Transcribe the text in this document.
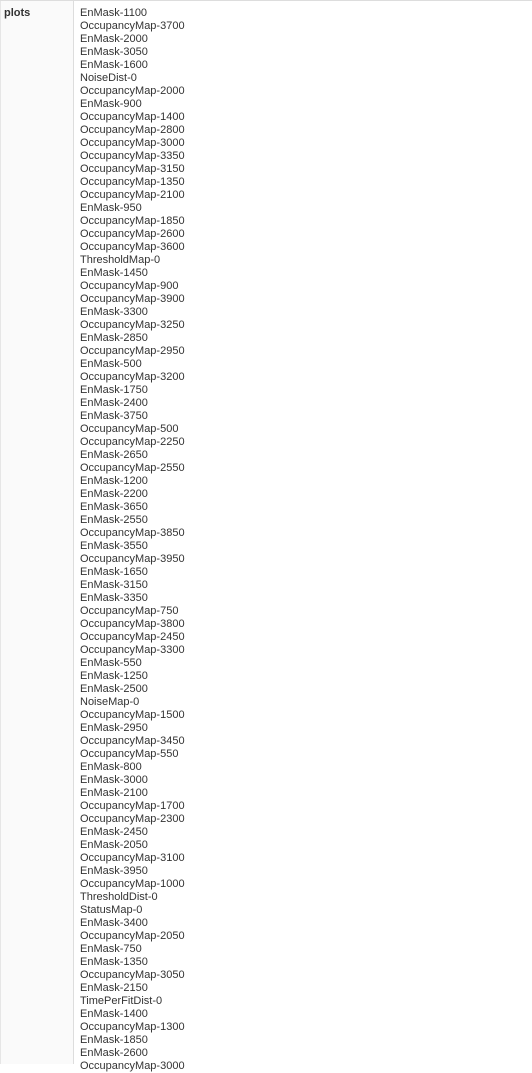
plots	EnMask-1100
OccupancyMap-3700
EnMask-2000
EnMask-3050
EnMask-1600
NoiseDist-0
OccupancyMap-2000
EnMask-900
OccupancyMap-1400
OccupancyMap-2800
OccupancyMap-3000
OccupancyMap-3350
OccupancyMap-3150
OccupancyMap-1350
OccupancyMap-2100
EnMask-950
OccupancyMap-1850
OccupancyMap-2600
OccupancyMap-3600
ThresholdMap-0
EnMask-1450
OccupancyMap-900
OccupancyMap-3900
EnMask-3300
OccupancyMap-3250
EnMask-2850
OccupancyMap-2950
EnMask-500
OccupancyMap-3200
EnMask-1750
EnMask-2400
EnMask-3750
OccupancyMap-500
OccupancyMap-2250
EnMask-2650
OccupancyMap-2550
EnMask-1200
EnMask-2200
EnMask-3650
EnMask-2550
OccupancyMap-3850
EnMask-3550
OccupancyMap-3950
EnMask-1650
EnMask-3150
EnMask-3350
OccupancyMap-750
OccupancyMap-3800
OccupancyMap-2450
OccupancyMap-3300
EnMask-550
EnMask-1250
EnMask-2500
NoiseMap-0
OccupancyMap-1500
EnMask-2950
OccupancyMap-3450
OccupancyMap-550
EnMask-800
EnMask-3000
EnMask-2100
OccupancyMap-1700
OccupancyMap-2300
EnMask-2450
EnMask-2050
OccupancyMap-3100
EnMask-3950
OccupancyMap-1000
ThresholdDist-0
StatusMap-0
EnMask-3400
OccupancyMap-2050
EnMask-750
EnMask-1350
OccupancyMap-3050
EnMask-2150
TimePerFitDist-0
EnMask-1400
OccupancyMap-1300
EnMask-1850
EnMask-2600
OccupancyMap-3000
